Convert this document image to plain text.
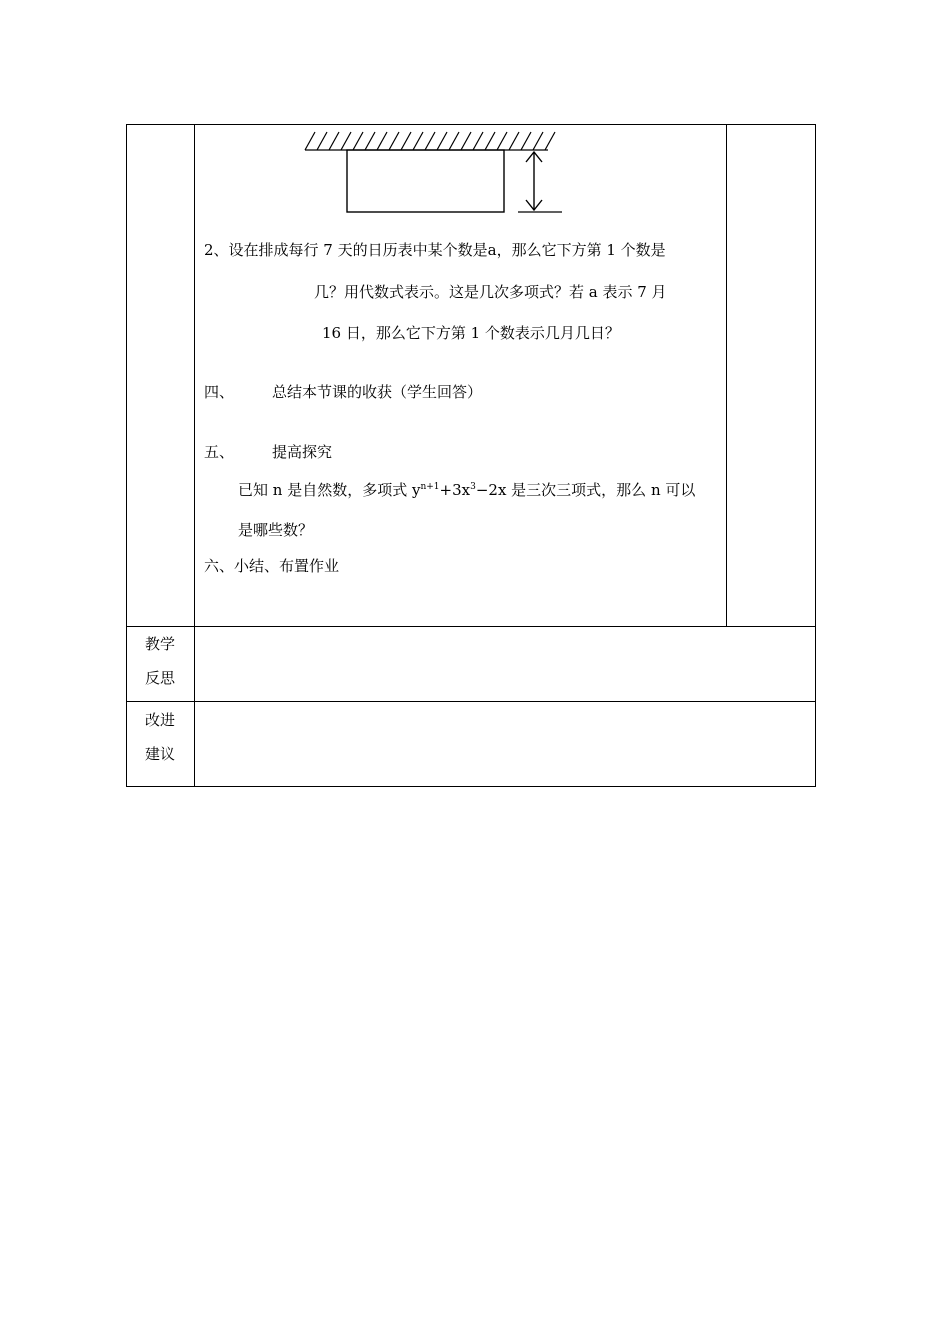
2、设在排成每行 7 天的日历表中某个数是a，那么它下方第 1 个数是
几？用代数式表示。这是几次多项式？若 a 表示 7 月
16 日，那么它下方第 1 个数表示几月几日？
四、	总结本节课的收获（学生回答）
五、	提高探究
已知 n 是自然数，多项式 $y^{n+1}+3x^3-2x$ 是三次三项式，那么 n 可以
是哪些数？
六、小结、布置作业
教学
反思
改进
建议
